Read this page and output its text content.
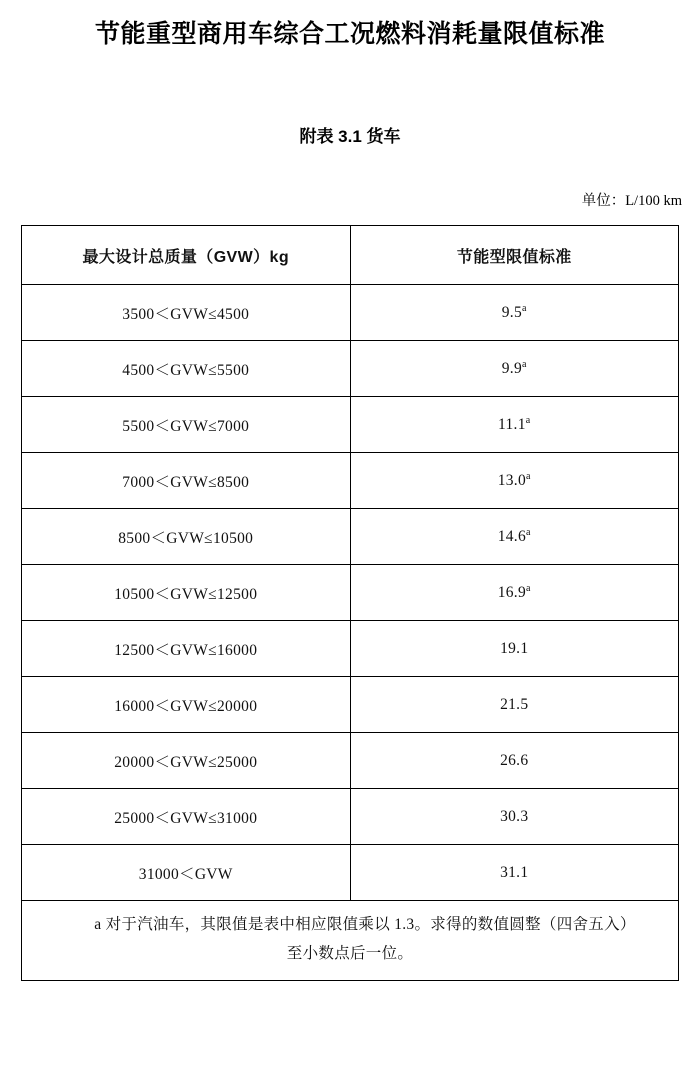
节能重型商用车综合工况燃料消耗量限值标准
附表 3.1 货车
单位：L/100 km
最大设计总质量（GVW）kg	节能型限值标准
3500＜GVW≤4500	9.5$^a$
4500＜GVW≤5500	9.9$^a$
5500＜GVW≤7000	11.1$^a$
7000＜GVW≤8500	13.0$^a$
8500＜GVW≤10500	14.6$^a$
10500＜GVW≤12500	16.9$^a$
12500＜GVW≤16000	19.1
16000＜GVW≤20000	21.5
20000＜GVW≤25000	26.6
25000＜GVW≤31000	30.3
31000＜GVW	31.1

a 对于汽油车，其限值是表中相应限值乘以 1.3。求得的数值圆整（四舍五入）
至小数点后一位。	
